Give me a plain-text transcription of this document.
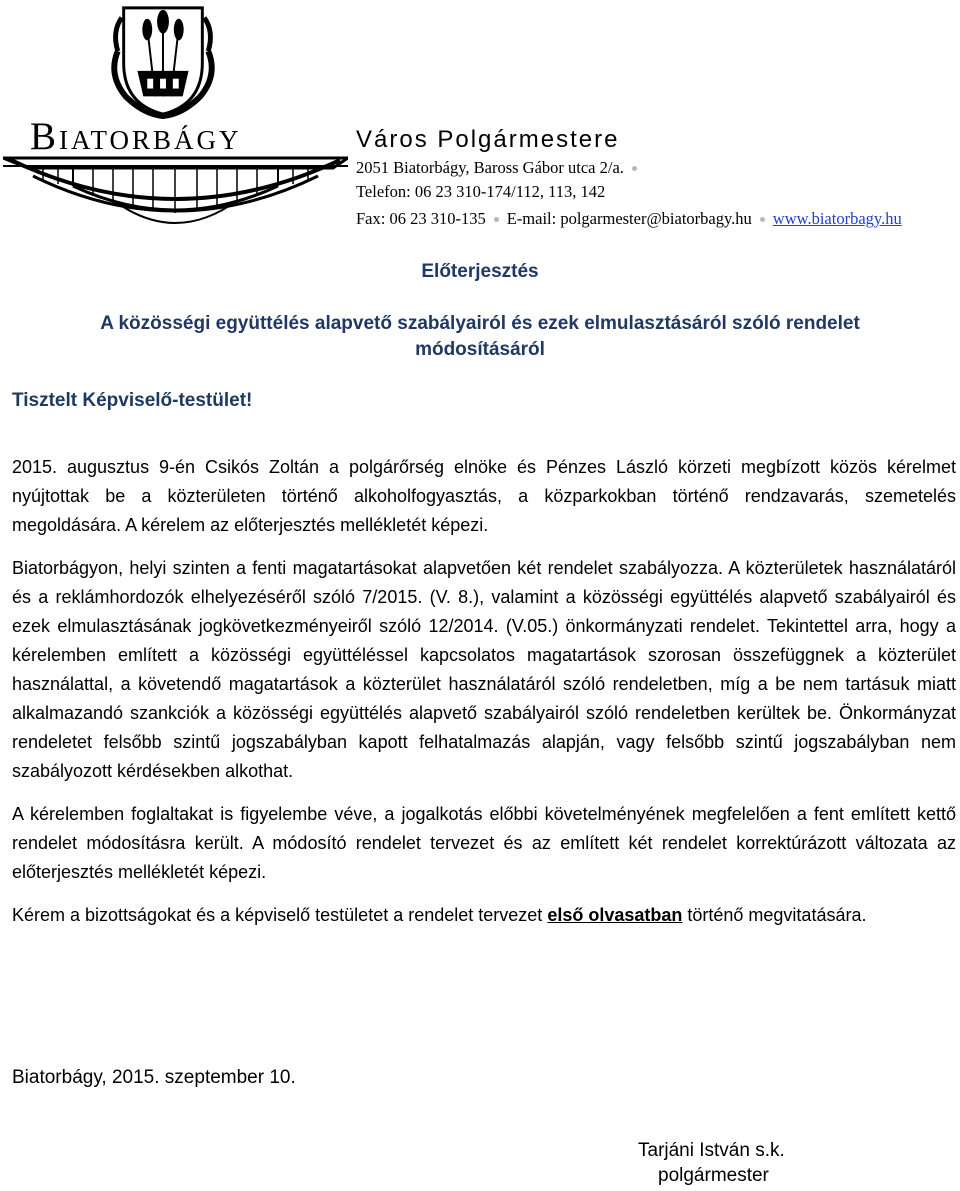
Biatorbágy	Város Polgármestere
2051 Biatorbágy, Baross Gábor utca 2/a.
Telefon: 06 23 310-174/112, 113, 142
Fax: 06 23 310-135 E-mail: polgarmester@biatorbagy.hu www.biatorbagy.hu
Előterjesztés
A közösségi együttélés alapvető szabályairól és ezek elmulasztásáról szóló rendelet
módosításáról
Tisztelt Képviselő-testület!

2015. augusztus 9-én Csikós Zoltán a polgárőrség elnöke és Pénzes László körzeti megbízott közös kérelmet nyújtottak be a közterületen történő alkoholfogyasztás, a közparkokban történő rendzavarás, szemetelés megoldására. A kérelem az előterjesztés mellékletét képezi.

Biatorbágyon, helyi szinten a fenti magatartásokat alapvetően két rendelet szabályozza. A közterületek használatáról és a reklámhordozók elhelyezéséről szóló 7/2015. (V. 8.), valamint a közösségi együttélés alapvető szabályairól és ezek elmulasztásának jogkövetkezményeiről szóló 12/2014. (V.05.) önkormányzati rendelet. Tekintettel arra, hogy a kérelemben említett a közösségi együttéléssel kapcsolatos magatartások szorosan összefüggnek a közterület használattal, a követendő magatartások a közterület használatáról szóló rendeletben, míg a be nem tartásuk miatt alkalmazandó szankciók a közösségi együttélés alapvető szabályairól szóló rendeletben kerültek be. Önkormányzat rendeletet felsőbb szintű jogszabályban kapott felhatalmazás alapján, vagy felsőbb szintű jogszabályban nem szabályozott kérdésekben alkothat.

A kérelemben foglaltakat is figyelembe véve, a jogalkotás előbbi követelményének megfelelően a fent említett kettő rendelet módosításra került. A módosító rendelet tervezet és az említett két rendelet korrektúrázott változata az előterjesztés mellékletét képezi.

Kérem a bizottságokat és a képviselő testületet a rendelet tervezet első olvasatban történő megvitatására.

Biatorbágy, 2015. szeptember 10.
Tarjáni István s.k.
polgármester
